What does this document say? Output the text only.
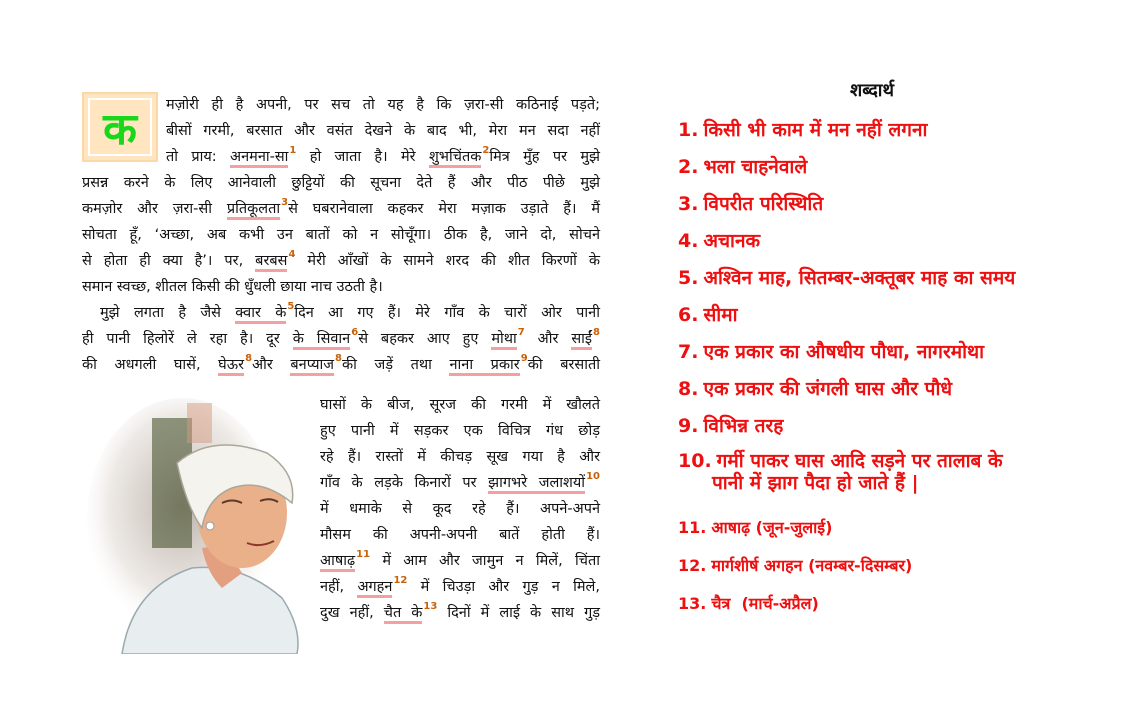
क	मज़ोरी ही है अपनी, पर सच तो यह है कि ज़रा-सी कठिनाई पड़ते;
बीसों गरमी, बरसात और वसंत देखने के बाद भी, मेरा मन सदा नहीं
तो प्राय: अनमना-सा$^1$ हो जाता है। मेरे शुभचिंतक$^2$मित्र मुँह पर मुझे
प्रसन्न करने के लिए आनेवाली छुट्टियों की सूचना देते हैं और पीठ पीछे मुझे
कमज़ोर और ज़रा-सी प्रतिकूलता$^3$से घबरानेवाला कहकर मेरा मज़ाक उड़ाते हैं। मैं
सोचता हूँ, ‘अच्छा, अब कभी उन बातों को न सोचूँगा। ठीक है, जाने दो, सोचने
से होता ही क्या है’। पर, बरबस$^4$ मेरी आँखों के सामने शरद की शीत किरणों के
समान स्वच्छ, शीतल किसी की धुँधली छाया नाच उठती है।
मुझे लगता है जैसे क्वार के$^5$दिन आ गए हैं। मेरे गाँव के चारों ओर पानी
ही पानी हिलोरें ले रहा है। दूर के सिवान$^6$से बहकर आए हुए मोथा$^7$ और साईं$^8$
की अधगली घासें, घेऊर$^8$और बनप्याज$^8$की जड़ें तथा नाना प्रकार$^9$की बरसाती
घासों के बीज, सूरज की गरमी में खौलते
हुए पानी में सड़कर एक विचित्र गंध छोड़
रहे हैं। रास्तों में कीचड़ सूख गया है और
गाँव के लड़के किनारों पर झागभरे जलाशयों$^{10}$
में धमाके से कूद रहे हैं। अपने-अपने
मौसम की अपनी-अपनी बातें होती हैं।
आषाढ़$^{11}$ में आम और जामुन न मिलें, चिंता
नहीं, अगहन$^{12}$ में चिउड़ा और गुड़ न मिले,
दुख नहीं, चैत के$^{13}$ दिनों में लाई के साथ गुड़
शब्दार्थ
1. किसी भी काम में मन नहीं लगना
2. भला चाहनेवाले
3. विपरीत परिस्थिति
4. अचानक
5. अश्विन माह, सितम्बर-अक्तूबर माह का समय
6. सीमा
7. एक प्रकार का औषधीय पौधा, नागरमोथा
8. एक प्रकार की जंगली घास और पौधे
9. विभिन्न तरह
10. गर्मी पाकर घास आदि सड़ने पर तालाब के
पानी में झाग पैदा हो जाते हैं |
11. आषाढ़ (जून-जुलाई)
12. मार्गशीर्ष अगहन (नवम्बर-दिसम्बर)
13. चैत्र  (मार्च-अप्रैल)
